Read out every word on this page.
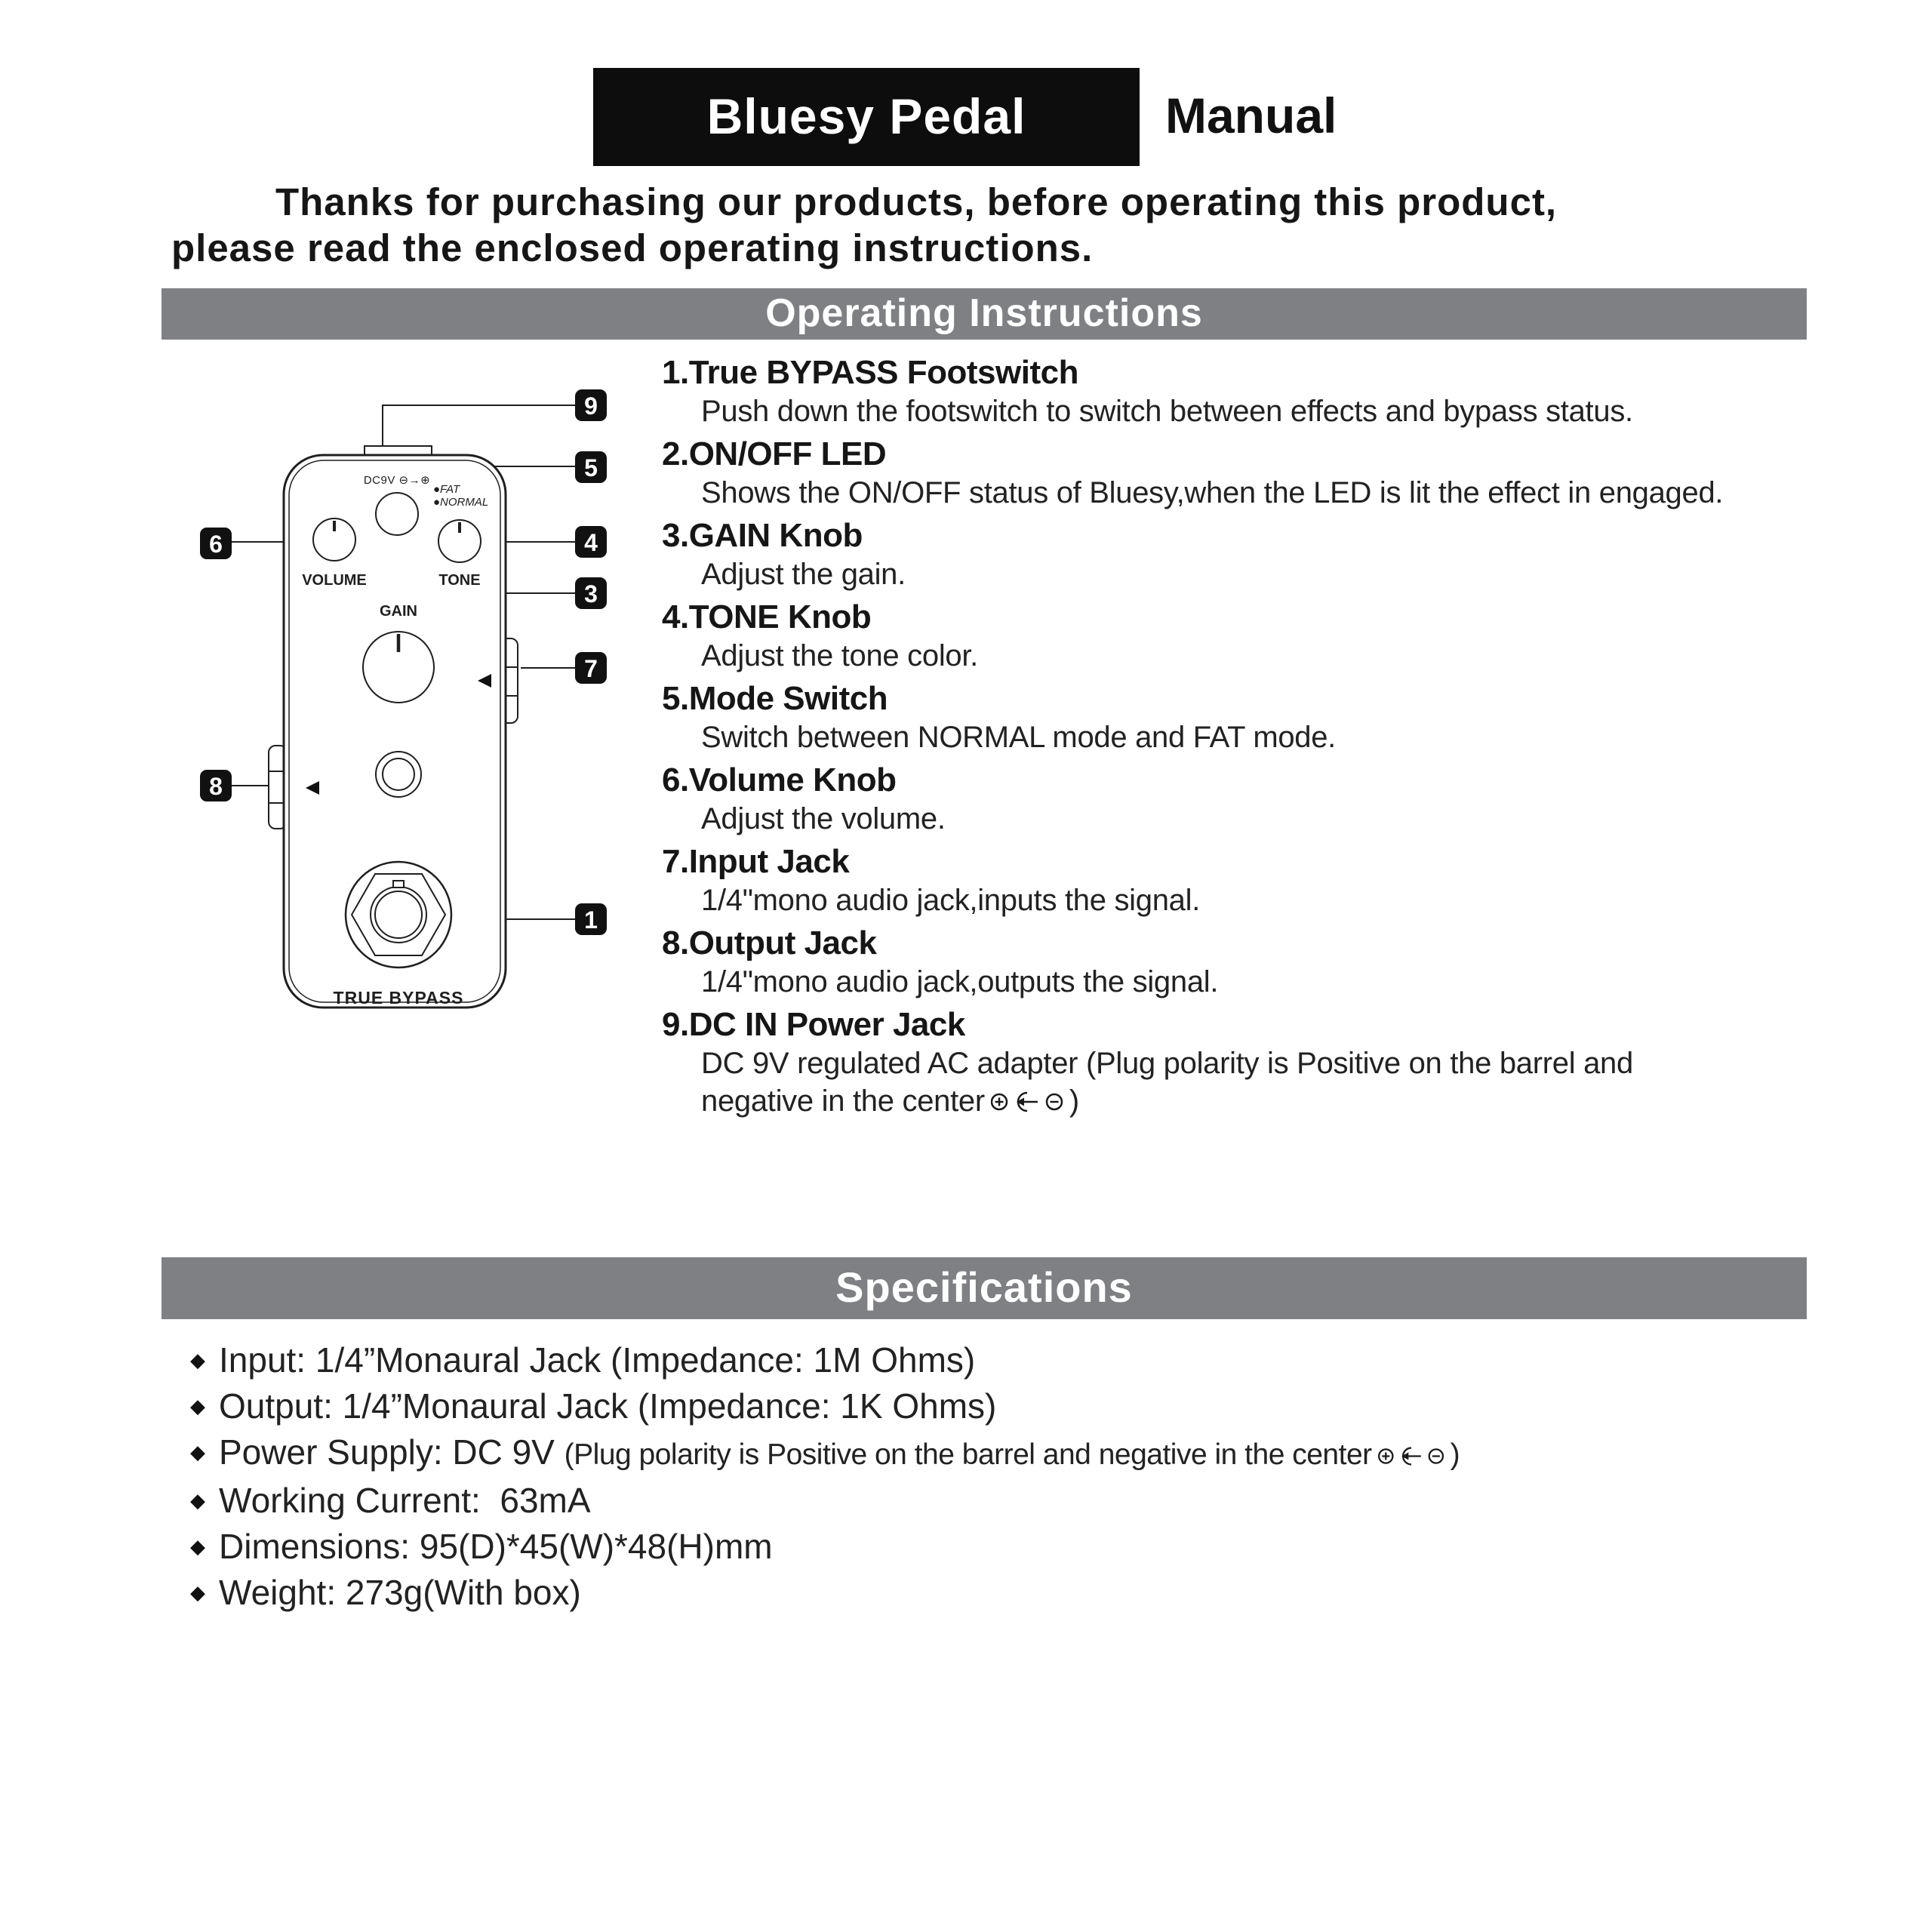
Bluesy Pedal	Manual
Thanks for purchasing our products, before operating this product,
please read the enclosed operating instructions.
Operating Instructions
DC9V ⊖→⊕
●FAT
●NORMAL
VOLUME	TONE
GAIN
TRUE BYPASS
9
5
4
3
7
1
6
8
1.True BYPASS Footswitch
Push down the footswitch to switch between effects and bypass status.
2.ON/OFF LED
Shows the ON/OFF status of Bluesy,when the LED is lit the effect in engaged.
3.GAIN Knob
Adjust the gain.
4.TONE Knob
Adjust the tone color.
5.Mode Switch
Switch between NORMAL mode and FAT mode.
6.Volume Knob
Adjust the volume.
7.Input Jack
1/4"mono audio jack,inputs the signal.
8.Output Jack
1/4"mono audio jack,outputs the signal.
9.DC IN Power Jack
DC 9V regulated AC adapter (Plug polarity is Positive on the barrel and
negative in the center	)
Specifications
◆ Input: 1/4”Monaural Jack (Impedance: 1M Ohms)
◆ Output: 1/4”Monaural Jack (Impedance: 1K Ohms)
◆ Power Supply: DC 9V (Plug polarity is Positive on the barrel and negative in the center	)
◆ Working Current:  63mA
◆ Dimensions: 95(D)*45(W)*48(H)mm
◆ Weight: 273g(With box)
